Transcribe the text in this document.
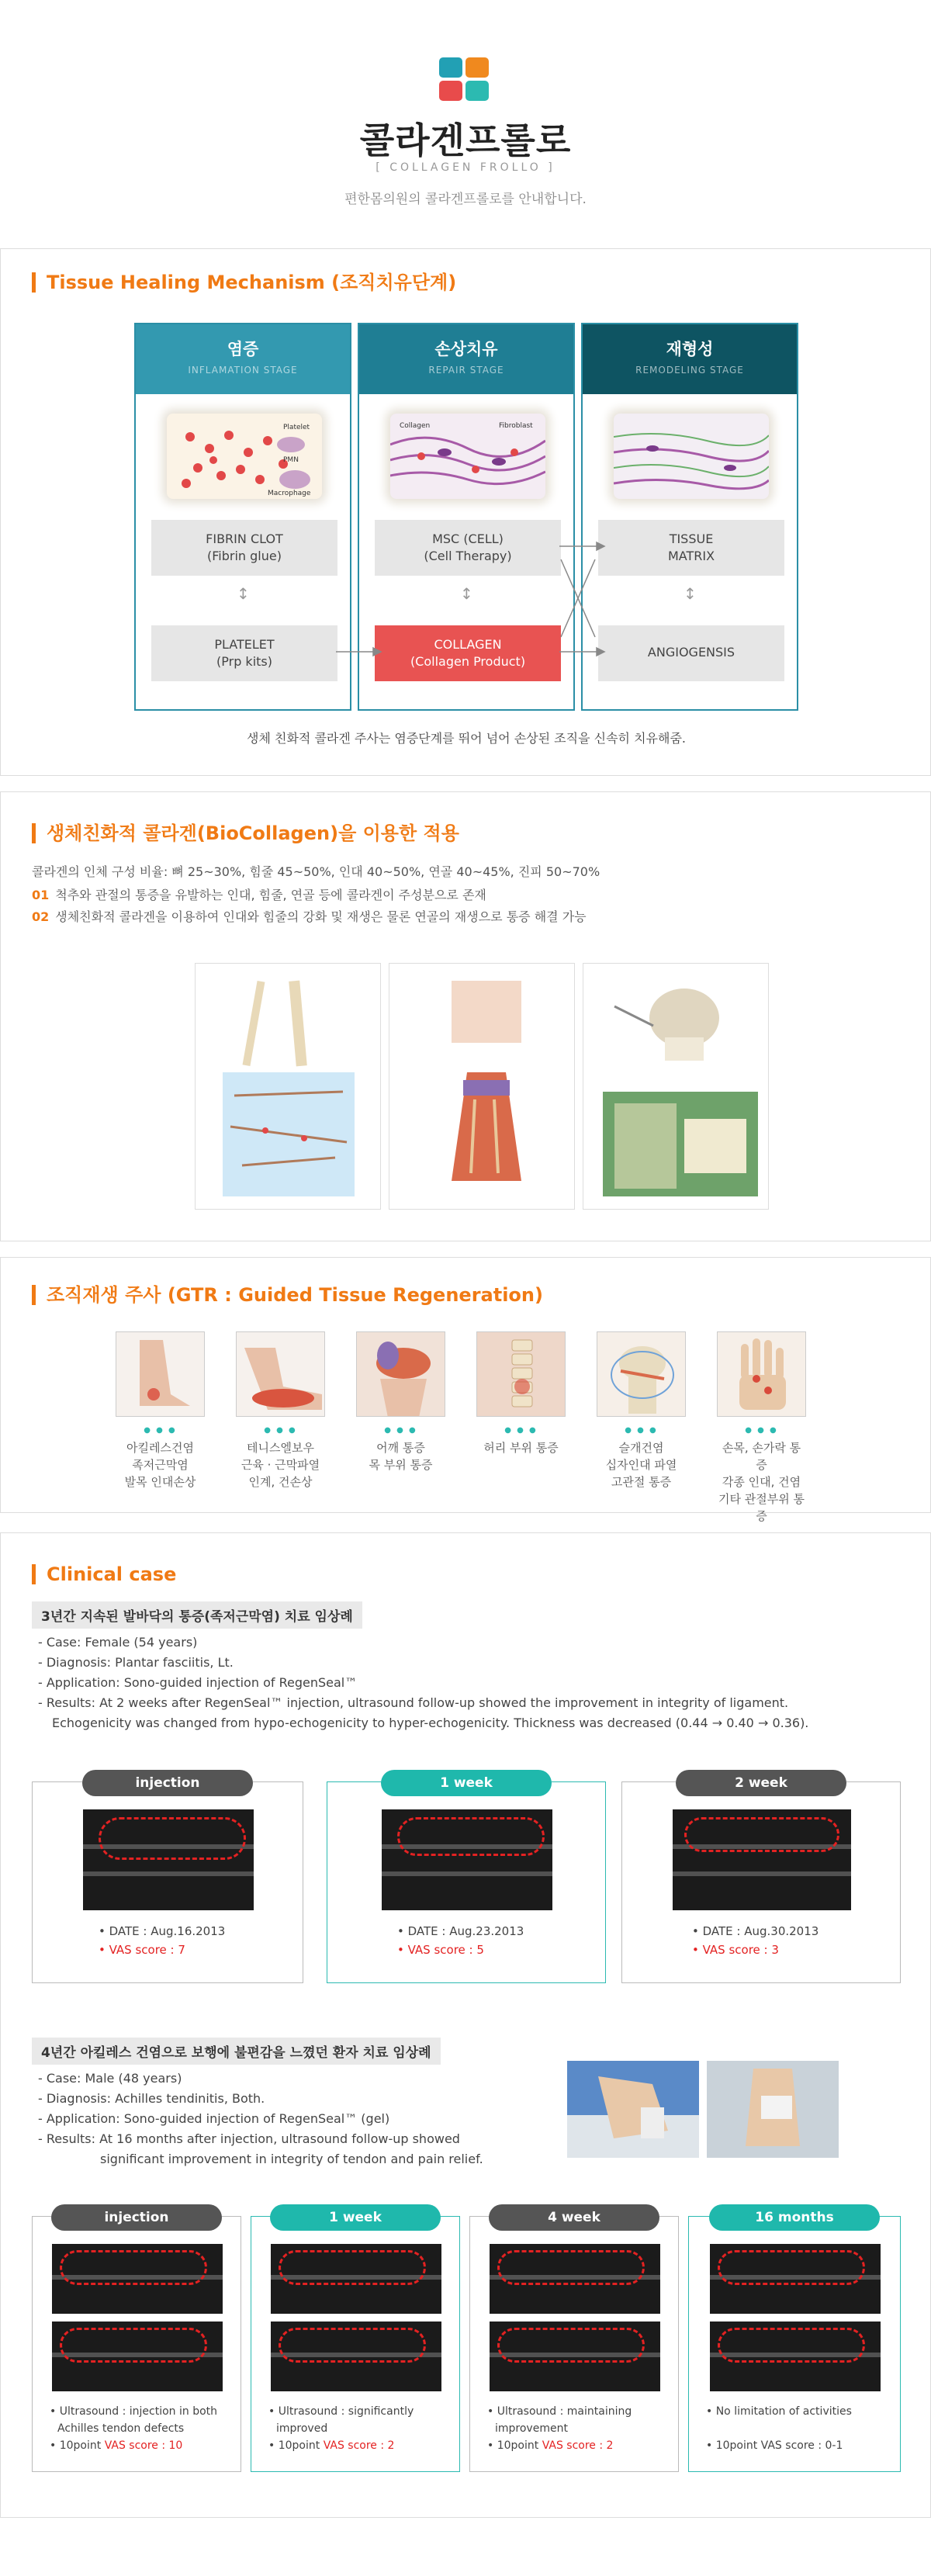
콜라겐프롤로
[ COLLAGEN FROLLO ]
편한몸의원의 콜라겐프롤로를 안내합니다.
Tissue Healing Mechanism (조직치유단계)
염증
INFLAMATION STAGE
Platelet
PMN
Macrophage
FIBRIN CLOT
(Fibrin glue)
↕
PLATELET
(Prp kits)
손상치유
REPAIR STAGE
Collagen	Fibroblast
MSC (CELL)
(Cell Therapy)
↕
COLLAGEN
(Collagen Product)
재형성
REMODELING STAGE
TISSUE
MATRIX
↕
ANGIOGENSIS
생체 친화적 콜라겐 주사는 염증단계를 뛰어 넘어 손상된 조직을 신속히 치유해줌.
생체친화적 콜라겐(BioCollagen)을 이용한 적용
콜라겐의 인체 구성 비율: 뼈 25~30%, 힘줄 45~50%, 인대 40~50%, 연골 40~45%, 진피 50~70%
01 척추와 관절의 통증을 유발하는 인대, 힘줄, 연골 등에 콜라겐이 주성분으로 존재
02 생체친화적 콜라겐을 이용하여 인대와 힘줄의 강화 및 재생은 물론 연골의 재생으로 통증 해결 가능
조직재생 주사 (GTR : Guided Tissue Regeneration)
● ● ●
아킬레스건염
족저근막염
발목 인대손상
● ● ●
테니스엘보우
근육 · 근막파열
인계, 건손상
● ● ●
어깨 통증
목 부위 통증
● ● ●
허리 부위 통증
● ● ●
슬개건염
십자인대 파열
고관절 통증
● ● ●
손목, 손가락 통증
각종 인대, 건염
기타 관절부위 통증
Clinical case
3년간 지속된 발바닥의 통증(족저근막염) 치료 임상례
- Case: Female (54 years)
- Diagnosis: Plantar fasciitis, Lt.
- Application: Sono-guided injection of RegenSeal™
- Results: At 2 weeks after RegenSeal™ injection, ultrasound follow-up showed the improvement in integrity of ligament.
Echogenicity was changed from hypo-echogenicity to hyper-echogenicity. Thickness was decreased (0.44 → 0.40 → 0.36).
injection
• DATE : Aug.16.2013
• VAS score : 7
1 week
• DATE : Aug.23.2013
• VAS score : 5
2 week
• DATE : Aug.30.2013
• VAS score : 3
4년간 아킬레스 건염으로 보행에 불편감을 느꼈던 환자 치료 임상례
- Case: Male (48 years)
- Diagnosis: Achilles tendinitis, Both.
- Application: Sono-guided injection of RegenSeal™ (gel)
- Results: At 16 months after injection, ultrasound follow-up showed
significant improvement in integrity of tendon and pain relief.
injection
• Ultrasound : injection in both
Achilles tendon defects
• 10point VAS score : 10
1 week
• Ultrasound : significantly
improved
• 10point VAS score : 2
4 week
• Ultrasound : maintaining
improvement
• 10point VAS score : 2
16 months
• No limitation of activities
• 10point VAS score : 0-1
